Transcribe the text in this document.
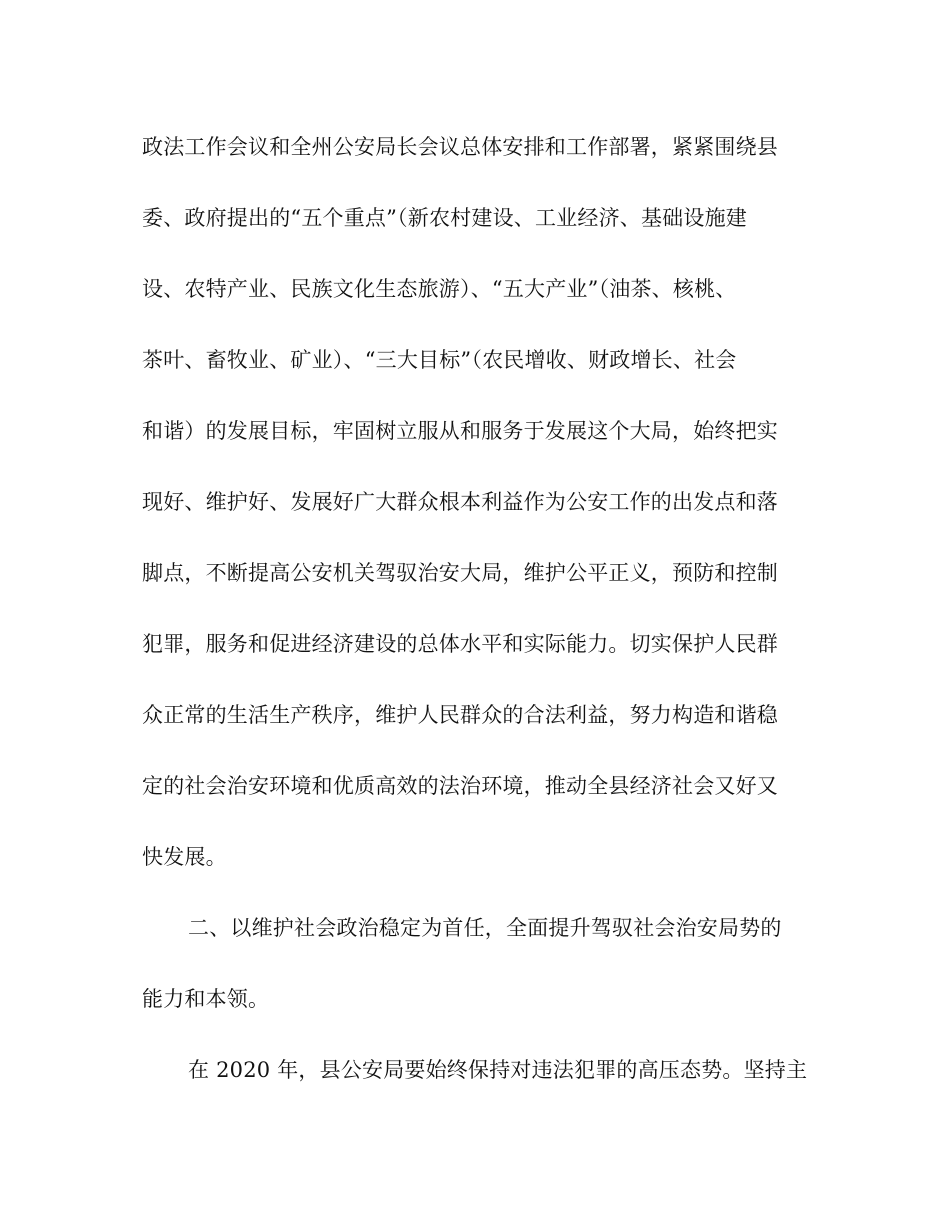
政法工作会议和全州公安局长会议总体安排和工作部署，紧紧围绕县
委、政府提出的“五个重点”（新农村建设、工业经济、基础设施建
设、农特产业、民族文化生态旅游）、“五大产业”（油茶、核桃、
茶叶、畜牧业、矿业）、“三大目标”（农民增收、财政增长、社会
和谐）的发展目标，牢固树立服从和服务于发展这个大局，始终把实
现好、维护好、发展好广大群众根本利益作为公安工作的出发点和落
脚点，不断提高公安机关驾驭治安大局，维护公平正义，预防和控制
犯罪，服务和促进经济建设的总体水平和实际能力。切实保护人民群
众正常的生活生产秩序，维护人民群众的合法利益，努力构造和谐稳
定的社会治安环境和优质高效的法治环境，推动全县经济社会又好又
快发展。
二、以维护社会政治稳定为首任，全面提升驾驭社会治安局势的
能力和本领。
在 2020 年，县公安局要始终保持对违法犯罪的高压态势。坚持主
